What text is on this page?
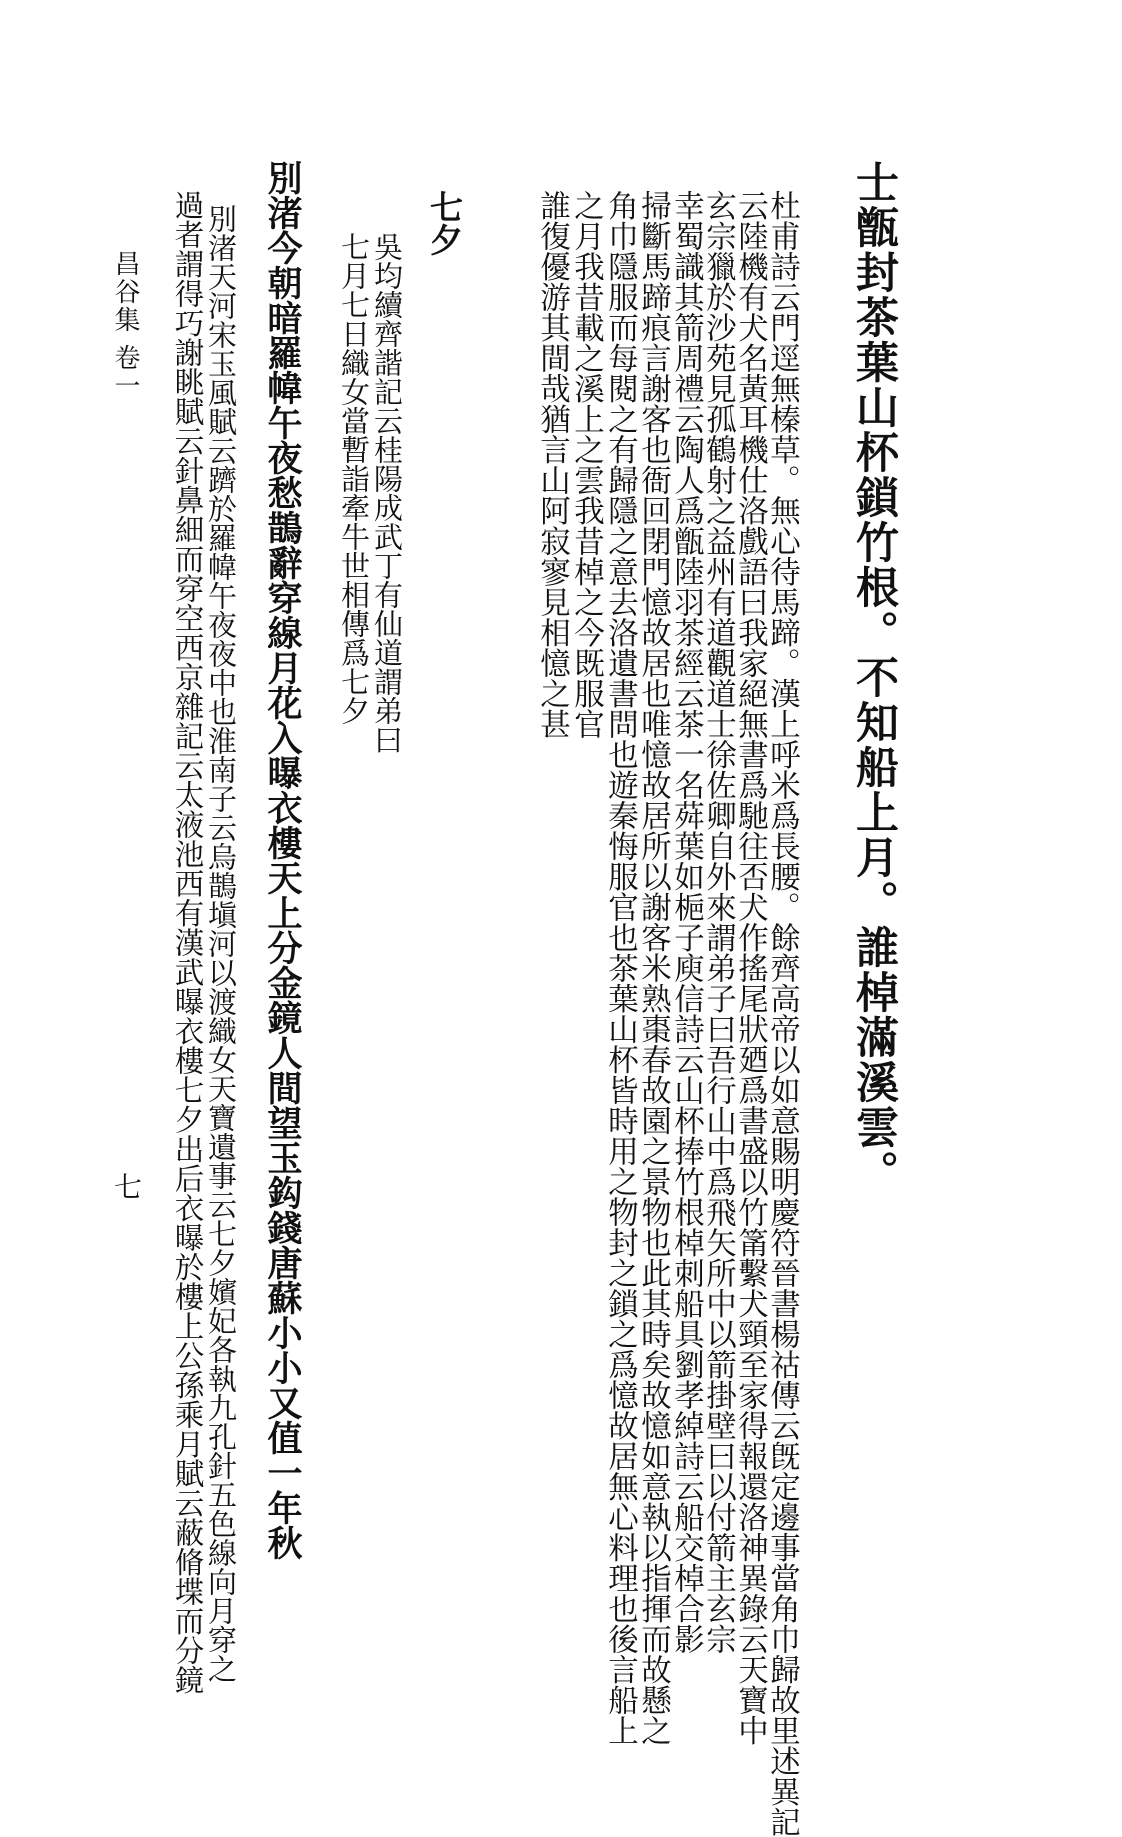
士甑封茶葉山杯鎖竹根。不知船上月。誰棹滿溪雲。
杜甫詩云門逕無榛草。無心待馬蹄。漢上呼米爲長腰。餘齊高帝以如意賜明慶符晉書楊祜傳云旣定邊事當角巾歸故里述異記
云陸機有犬名黃耳機仕洛戲語曰我家絕無書爲馳往否犬作搖尾狀廼爲書盛以竹筩繫犬頸至家得報還洛神異錄云天寶中
玄宗獵於沙苑見孤鶴射之益州有道觀道士徐佐卿自外來謂弟子曰吾行山中爲飛矢所中以箭掛壁曰以付箭主玄宗
幸蜀識其箭周禮云陶人爲甑陸羽茶經云茶一名荈葉如梔子庾信詩云山杯捧竹根棹刺船具劉孝綽詩云船交棹合影
掃斷馬蹄痕言謝客也衙回閉門憶故居也唯憶故居所以謝客米熟棗春故園之景物也此其時矣故憶如意執以指揮而故懸之
角巾隱服而每閱之有歸隱之意去洛遺書問也遊秦悔服官也茶葉山杯皆時用之物封之鎖之爲憶故居無心料理也後言船上
之月我昔載之溪上之雲我昔棹之今既服官
誰復優游其間哉猶言山阿寂寥見相憶之甚
七夕
吳均續齊諧記云桂陽成武丁有仙道謂弟曰
七月七日織女當暫詣牽牛世相傳爲七夕
別渚今朝暗羅幃午夜愁鵲辭穿線月花入曝衣樓天上分金鏡人間望玉鈎錢唐蘇小小又值一年秋
別渚天河宋玉風賦云躋於羅幃午夜夜中也淮南子云烏鵲塡河以渡織女天寶遺事云七夕嬪妃各執九孔針五色線向月穿之
過者謂得巧謝眺賦云針鼻細而穿空西京雜記云太液池西有漢武曝衣樓七夕出后衣曝於樓上公孫乘月賦云蔽脩堞而分鏡
昌谷集 卷一
七
